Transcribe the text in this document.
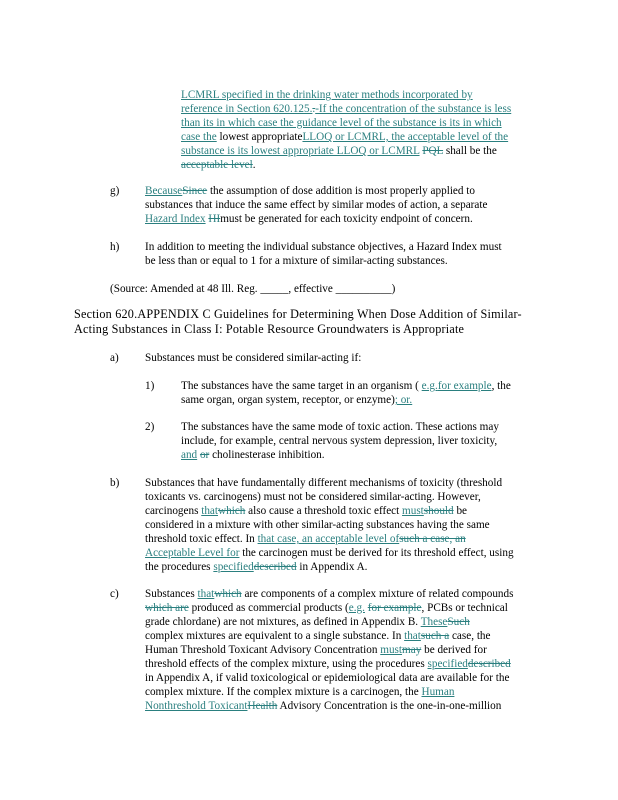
LCMRL specified in the drinking water methods incorporated by
reference in Section 620.125..-If the concentration of the substance is less
than its in which case the guidance level of the substance is its in which
case the lowest appropriateLLOQ or LCMRL, the acceptable level of the
substance is its lowest appropriate LLOQ or LCMRL PQL shall be the
acceptable level.
g) BecauseSince the assumption of dose addition is most properly applied to
substances that induce the same effect by similar modes of action, a separate
Hazard Index HImust be generated for each toxicity endpoint of concern.
h) In addition to meeting the individual substance objectives, a Hazard Index must
be less than or equal to 1 for a mixture of similar-acting substances.
(Source: Amended at 48 Ill. Reg. _____, effective __________)
Section 620.APPENDIX C Guidelines for Determining When Dose Addition of Similar-
Acting Substances in Class I: Potable Resource Groundwaters is Appropriate
a) Substances must be considered similar-acting if:
1) The substances have the same target in an organism ( e.g.for example, the
same organ, organ system, receptor, or enzyme); or.
2) The substances have the same mode of toxic action. These actions may
include, for example, central nervous system depression, liver toxicity,
and or cholinesterase inhibition.
b) Substances that have fundamentally different mechanisms of toxicity (threshold
toxicants vs. carcinogens) must not be considered similar-acting. However,
carcinogens thatwhich also cause a threshold toxic effect mustshould be
considered in a mixture with other similar-acting substances having the same
threshold toxic effect. In that case, an acceptable level ofsuch a case, an
Acceptable Level for the carcinogen must be derived for its threshold effect, using
the procedures specifieddescribed in Appendix A.
c) Substances thatwhich are components of a complex mixture of related compounds
which are produced as commercial products (e.g. for example, PCBs or technical
grade chlordane) are not mixtures, as defined in Appendix B. TheseSuch
complex mixtures are equivalent to a single substance. In thatsuch a case, the
Human Threshold Toxicant Advisory Concentration mustmay be derived for
threshold effects of the complex mixture, using the procedures specifieddescribed
in Appendix A, if valid toxicological or epidemiological data are available for the
complex mixture. If the complex mixture is a carcinogen, the Human
Nonthreshold ToxicantHealth Advisory Concentration is the one-in-one-million
